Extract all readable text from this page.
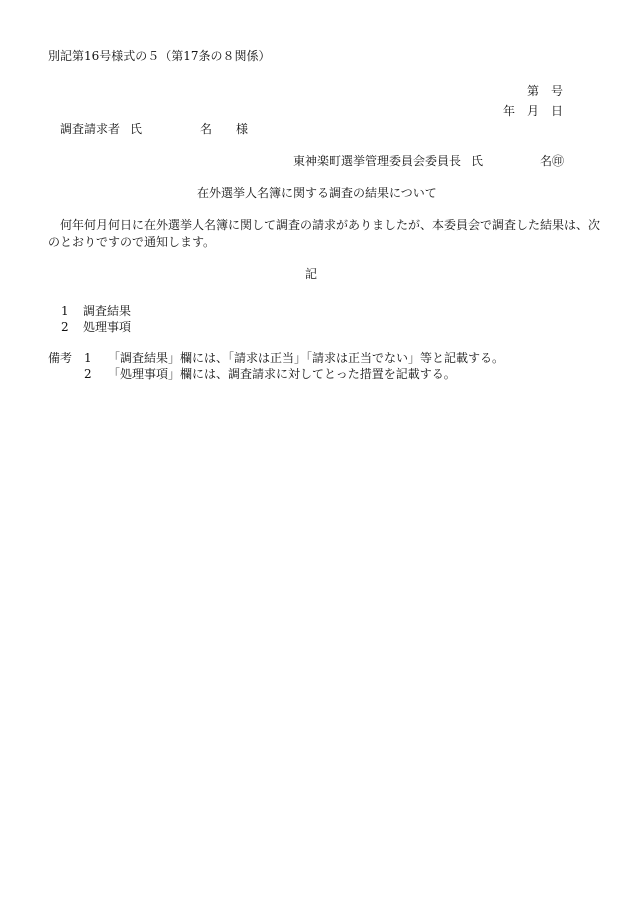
別記第16号様式の５（第17条の８関係）
第 号
年 月 日
調査請求者 氏	名 様
東神楽町選挙管理委員会委員長 氏	名㊞
在外選挙人名簿に関する調査の結果について
何年何月何日に在外選挙人名簿に関して調査の請求がありましたが、本委員会で調査した結果は、次
のとおりですので通知します。
記
1	調査結果
2	処理事項
備考 1	「調査結果」欄には、「請求は正当」「請求は正当でない」等と記載する。
2	「処理事項」欄には、調査請求に対してとった措置を記載する。
